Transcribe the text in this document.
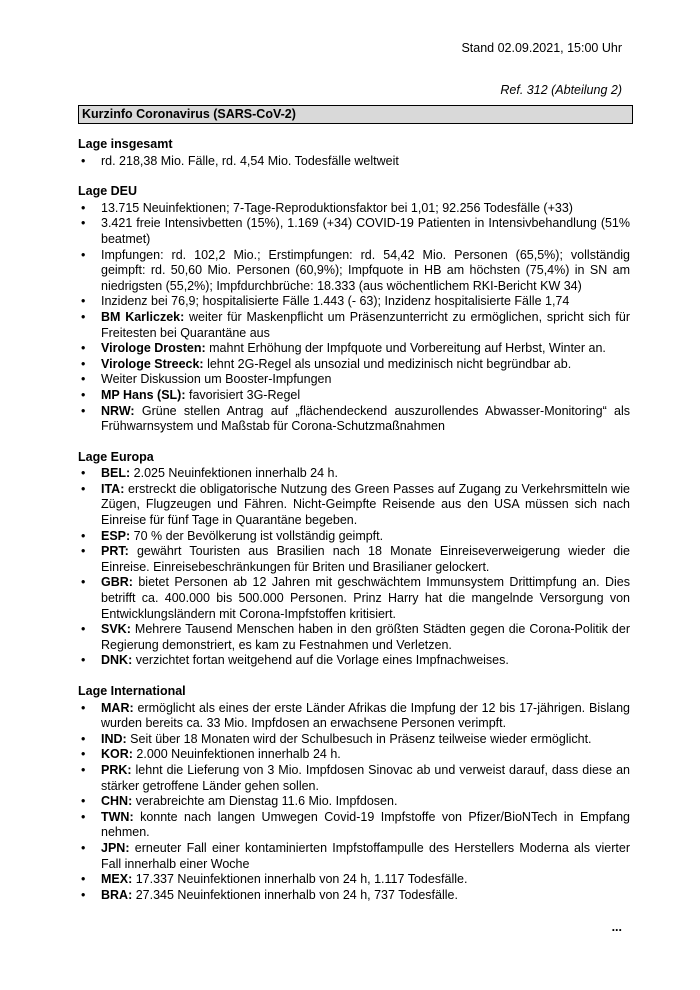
Stand 02.09.2021, 15:00 Uhr
Ref. 312 (Abteilung 2)
Kurzinfo Coronavirus (SARS-CoV-2)
Lage insgesamt
• rd. 218,38 Mio. Fälle, rd. 4,54 Mio. Todesfälle weltweit
Lage DEU
• 13.715 Neuinfektionen; 7-Tage-Reproduktionsfaktor bei 1,01; 92.256 Todesfälle (+33)
• 3.421 freie Intensivbetten (15%), 1.169 (+34) COVID-19 Patienten in Intensivbehandlung (51% beatmet)
• Impfungen: rd. 102,2 Mio.; Erstimpfungen: rd. 54,42 Mio. Personen (65,5%); vollständig geimpft: rd. 50,60 Mio. Personen (60,9%); Impfquote in HB am höchsten (75,4%) in SN am niedrigsten (55,2%); Impfdurchbrüche: 18.333 (aus wöchentlichem RKI-Bericht KW 34)
• Inzidenz bei 76,9; hospitalisierte Fälle 1.443 (- 63); Inzidenz hospitalisierte Fälle 1,74
• BM Karliczek: weiter für Maskenpflicht um Präsenzunterricht zu ermöglichen, spricht sich für Freitesten bei Quarantäne aus
• Virologe Drosten: mahnt Erhöhung der Impfquote und Vorbereitung auf Herbst, Winter an.
• Virologe Streeck: lehnt 2G-Regel als unsozial und medizinisch nicht begründbar ab.
• Weiter Diskussion um Booster-Impfungen
• MP Hans (SL): favorisiert 3G-Regel
• NRW: Grüne stellen Antrag auf „flächendeckend auszurollendes Abwasser-Monitoring“ als Frühwarnsystem und Maßstab für Corona-Schutzmaßnahmen
Lage Europa
• BEL: 2.025 Neuinfektionen innerhalb 24 h.
• ITA: erstreckt die obligatorische Nutzung des Green Passes auf Zugang zu Verkehrsmitteln wie Zügen, Flugzeugen und Fähren. Nicht-Geimpfte Reisende aus den USA müssen sich nach Einreise für fünf Tage in Quarantäne begeben.
• ESP: 70 % der Bevölkerung ist vollständig geimpft.
• PRT: gewährt Touristen aus Brasilien nach 18 Monate Einreiseverweigerung wieder die Einreise. Einreisebeschränkungen für Briten und Brasilianer gelockert.
• GBR: bietet Personen ab 12 Jahren mit geschwächtem Immunsystem Drittimpfung an. Dies betrifft ca. 400.000 bis 500.000 Personen. Prinz Harry hat die mangelnde Versorgung von Entwicklungsländern mit Corona-Impfstoffen kritisiert.
• SVK: Mehrere Tausend Menschen haben in den größten Städten gegen die Corona-Politik der Regierung demonstriert, es kam zu Festnahmen und Verletzen.
• DNK: verzichtet fortan weitgehend auf die Vorlage eines Impfnachweises.
Lage International
• MAR: ermöglicht als eines der erste Länder Afrikas die Impfung der 12 bis 17-jährigen. Bislang wurden bereits ca. 33 Mio. Impfdosen an erwachsene Personen verimpft.
• IND: Seit über 18 Monaten wird der Schulbesuch in Präsenz teilweise wieder ermöglicht.
• KOR: 2.000 Neuinfektionen innerhalb 24 h.
• PRK: lehnt die Lieferung von 3 Mio. Impfdosen Sinovac ab und verweist darauf, dass diese an stärker getroffene Länder gehen sollen.
• CHN: verabreichte am Dienstag 11.6 Mio. Impfdosen.
• TWN: konnte nach langen Umwegen Covid-19 Impfstoffe von Pfizer/BioNTech in Empfang nehmen.
• JPN: erneuter Fall einer kontaminierten Impfstoffampulle des Herstellers Moderna als vierter Fall innerhalb einer Woche
• MEX: 17.337 Neuinfektionen innerhalb von 24 h, 1.117 Todesfälle.
• BRA: 27.345 Neuinfektionen innerhalb von 24 h, 737 Todesfälle.
...
